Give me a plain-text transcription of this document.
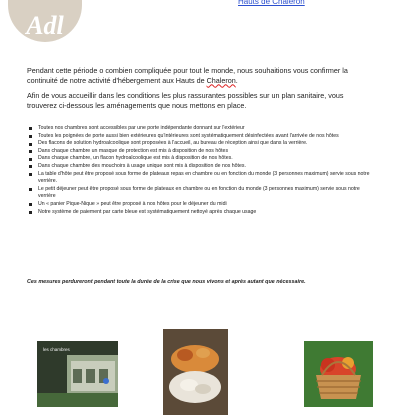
Adl
Hauts de Chaleron

Pendant cette période o combien compliquée pour tout le monde, nous souhaitions vous confirmer la continuité de notre activité d'hébergement aux Hauts de Chaleron.

Afin de vous accueillir dans les conditions les plus rassurantes possibles sur un plan sanitaire, vous trouverez ci-dessous les aménagements que nous mettons en place.

Toutes nos chambres sont accessibles par une porte indépendante donnant sur l'extérieur
Toutes les poignées de porte aussi bien extérieures qu'intérieures sont systématiquement désinfectées avant l'arrivée de nos hôtes
Des flacons de solution hydroalcoolique sont proposées à l'accueil, au bureau de réception ainsi que dans la verrière.
Dans chaque chambre un masque de protection est mis à disposition de nos hôtes
Dans chaque chambre, un flacon hydroalcoolique est mis à disposition de nos hôtes.
Dans chaque chambre des mouchoirs à usage unique sont mis à disposition de nos hôtes.
La table d'hôte peut être proposé sous forme de plateaux repas en chambre ou en fonction du monde (3 personnes maximum) servie sous notre verrière.
Le petit déjeuner peut être proposé sous forme de plateaux en chambre ou en fonction du monde (3 personnes maximum) servie sous notre verrière
Un « panier Pique-Nique » peut être proposé à nos hôtes pour le déjeuner du midi
Notre système de paiement par carte bleue est systématiquement nettoyé après chaque usage
Ces mesures perdureront pendant toute la durée de la crise que nous vivons et après autant que nécessaire.
les chambres
